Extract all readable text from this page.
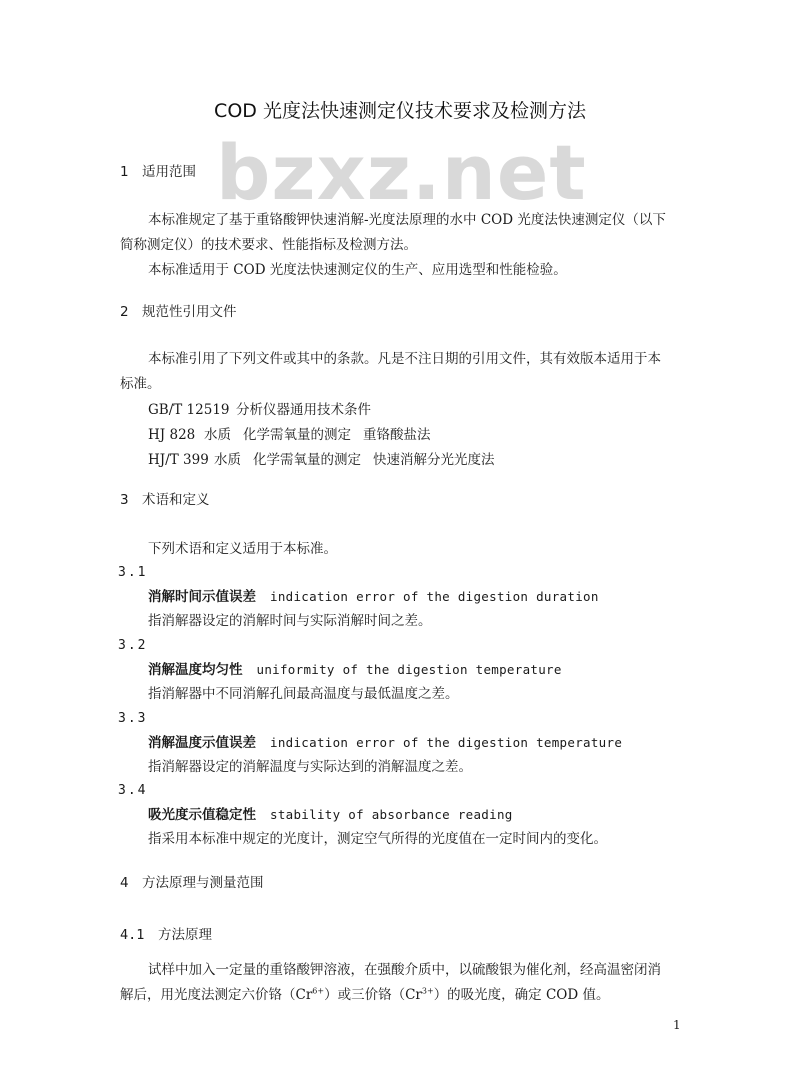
bzxz.net
COD 光度法快速测定仪技术要求及检测方法
1 适用范围
本标准规定了基于重铬酸钾快速消解-光度法原理的水中 COD 光度法快速测定仪（以下
简称测定仪）的技术要求、性能指标及检测方法。
本标准适用于 COD 光度法快速测定仪的生产、应用选型和性能检验。
2 规范性引用文件
本标准引用了下列文件或其中的条款。凡是不注日期的引用文件，其有效版本适用于本
标准。
GB/T 12519 分析仪器通用技术条件
HJ 828 水质 化学需氧量的测定 重铬酸盐法
HJ/T 399 水质 化学需氧量的测定 快速消解分光光度法
3 术语和定义
下列术语和定义适用于本标准。
3.1
消解时间示值误差 indication error of the digestion duration
指消解器设定的消解时间与实际消解时间之差。
3.2
消解温度均匀性 uniformity of the digestion temperature
指消解器中不同消解孔间最高温度与最低温度之差。
3.3
消解温度示值误差 indication error of the digestion temperature
指消解器设定的消解温度与实际达到的消解温度之差。
3.4
吸光度示值稳定性 stability of absorbance reading
指采用本标准中规定的光度计，测定空气所得的光度值在一定时间内的变化。
4 方法原理与测量范围
4.1 方法原理
试样中加入一定量的重铬酸钾溶液，在强酸介质中，以硫酸银为催化剂，经高温密闭消
解后，用光度法测定六价铬$(Cr^{6+})$或三价铬$(Cr^{3+})$的吸光度，确定 COD 值。
1
